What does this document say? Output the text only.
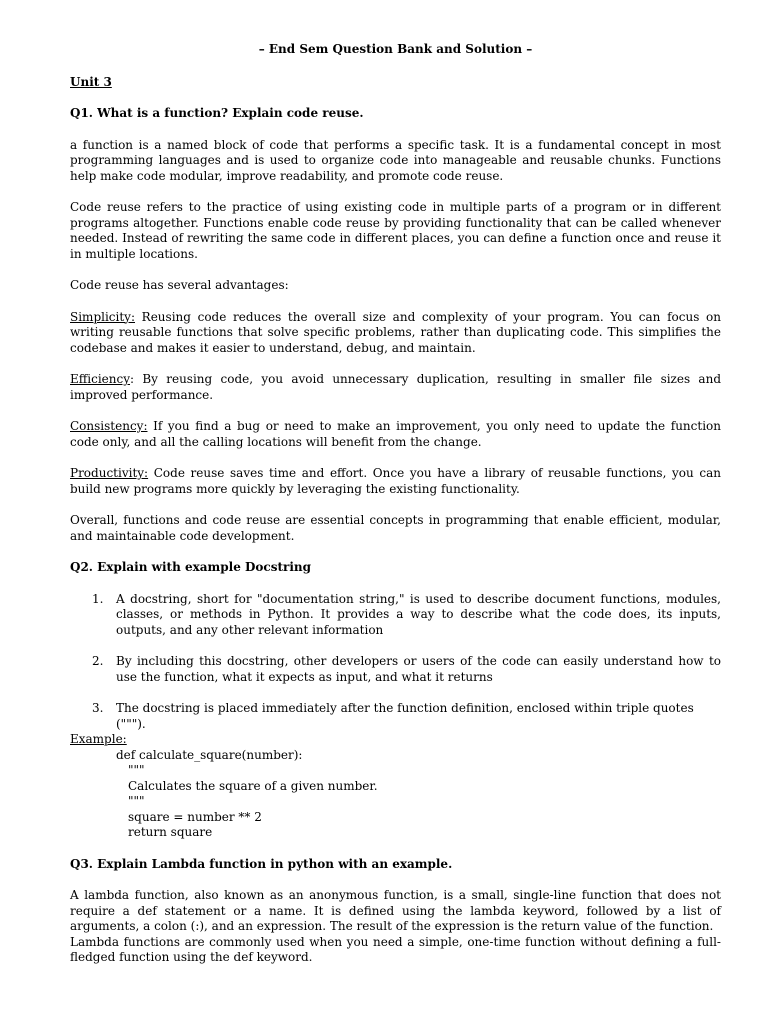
– End Sem Question Bank and Solution –

Unit 3

Q1. What is a function? Explain code reuse.

a function is a named block of code that performs a specific task. It is a fundamental concept in most programming languages and is used to organize code into manageable and reusable chunks. Functions help make code modular, improve readability, and promote code reuse.

Code reuse refers to the practice of using existing code in multiple parts of a program or in different programs altogether. Functions enable code reuse by providing functionality that can be called whenever needed. Instead of rewriting the same code in different places, you can define a function once and reuse it in multiple locations.

Code reuse has several advantages:

Simplicity: Reusing code reduces the overall size and complexity of your program. You can focus on writing reusable functions that solve specific problems, rather than duplicating code. This simplifies the codebase and makes it easier to understand, debug, and maintain.

Efficiency: By reusing code, you avoid unnecessary duplication, resulting in smaller file sizes and improved performance.

Consistency: If you find a bug or need to make an improvement, you only need to update the function code only, and all the calling locations will benefit from the change.

Productivity: Code reuse saves time and effort. Once you have a library of reusable functions, you can build new programs more quickly by leveraging the existing functionality.

Overall, functions and code reuse are essential concepts in programming that enable efficient, modular, and maintainable code development.

Q2. Explain with example Docstring

1. A docstring, short for "documentation string," is used to describe document functions, modules, classes, or methods in Python. It provides a way to describe what the code does, its inputs, outputs, and any other relevant information
2. By including this docstring, other developers or users of the code can easily understand how to use the function, what it expects as input, and what it returns
3. The docstring is placed immediately after the function definition, enclosed within triple quotes (""").

Example:

def calculate_square(number):
"""
Calculates the square of a given number.
"""
square = number ** 2
return square

Q3. Explain Lambda function in python with an example.

A lambda function, also known as an anonymous function, is a small, single-line function that does not require a def statement or a name. It is defined using the lambda keyword, followed by a list of arguments, a colon (:), and an expression. The result of the expression is the return value of the function.

Lambda functions are commonly used when you need a simple, one-time function without defining a full-fledged function using the def keyword.
